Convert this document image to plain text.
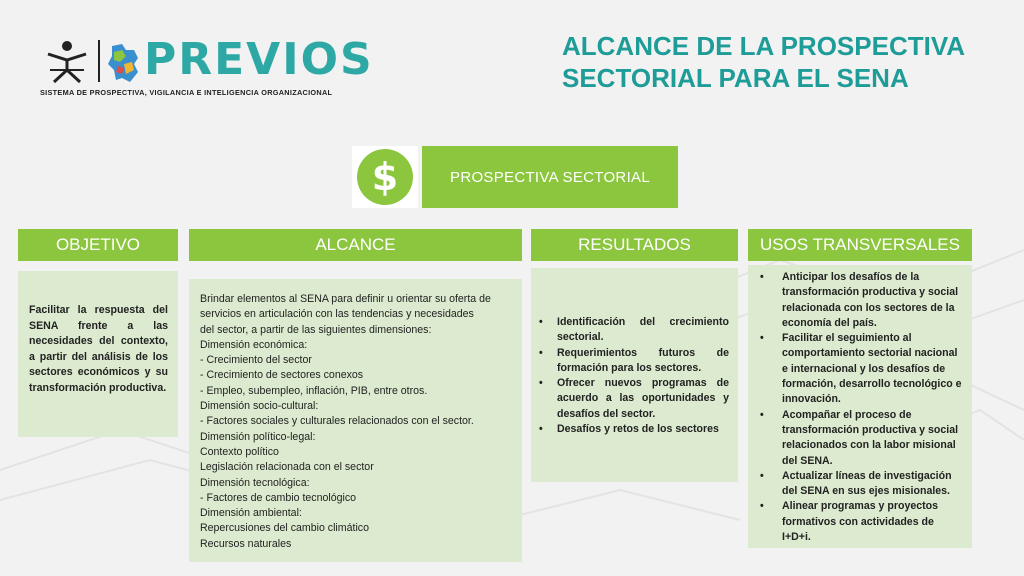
PREVIOS
SISTEMA DE PROSPECTIVA, VIGILANCIA E INTELIGENCIA ORGANIZACIONAL
ALCANCE DE LA PROSPECTIVA
SECTORIAL PARA EL SENA
$	PROSPECTIVA SECTORIAL
OBJETIVO	ALCANCE	RESULTADOS	USOS TRANSVERSALES

Facilitar la respuesta del SENA frente a las necesidades del contexto, a partir del análisis de los sectores económicos y su transformación productiva.

Brindar elementos al SENA para definir u orientar su oferta de
servicios en articulación con las tendencias y necesidades
del sector, a partir de las siguientes dimensiones:
Dimensión económica:
- Crecimiento del sector
- Crecimiento de sectores conexos
- Empleo, subempleo, inflación, PIB, entre otros.
Dimensión socio-cultural:
- Factores sociales y culturales relacionados con el sector.
Dimensión político-legal:
Contexto político
Legislación relacionada con el sector
Dimensión tecnológica:
- Factores de cambio tecnológico
Dimensión ambiental:
Repercusiones del cambio climático
Recursos naturales
• Identificación del crecimiento sectorial.
• Requerimientos futuros de formación para los sectores.
• Ofrecer nuevos programas de acuerdo a las oportunidades y desafíos del sector.
• Desafíos y retos de los sectores
• Anticipar los desafíos de la transformación productiva y social relacionada con los sectores de la economía del país.
• Facilitar el seguimiento al comportamiento sectorial nacional e internacional y los desafíos de formación, desarrollo tecnológico e innovación.
• Acompañar el proceso de transformación productiva y social relacionados con la labor misional del SENA.
• Actualizar líneas de investigación del SENA en sus ejes misionales.
• Alinear programas y proyectos formativos con actividades de I+D+i.
